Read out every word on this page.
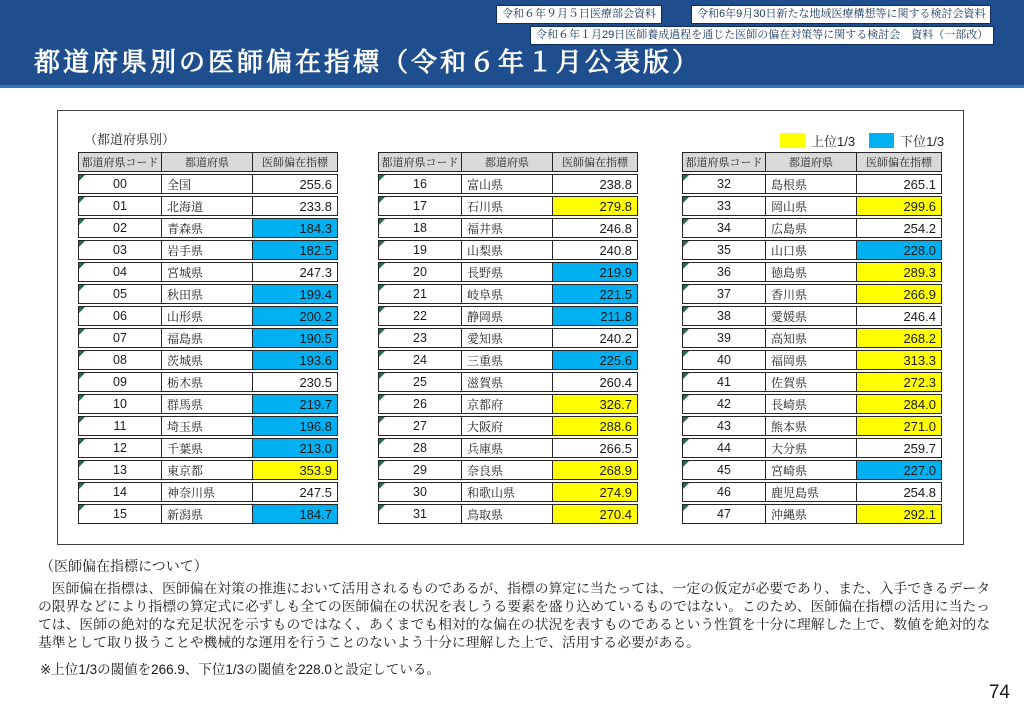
令和６年９月５日医療部会資料	令和6年9月30日新たな地域医療構想等に関する検討会資料
令和６年１月29日医師養成過程を通じた医師の偏在対策等に関する検討会　資料（一部改）
都道府県別の医師偏在指標（令和６年１月公表版）
（都道府県別）	上位1/3	下位1/3
都道府県コード	都道府県	医師偏在指標

00	全国	255.6

01	北海道	233.8

02	青森県	184.3

03	岩手県	182.5

04	宮城県	247.3

05	秋田県	199.4

06	山形県	200.2

07	福島県	190.5

08	茨城県	193.6

09	栃木県	230.5

10	群馬県	219.7

11	埼玉県	196.8

12	千葉県	213.0

13	東京都	353.9

14	神奈川県	247.5

15	新潟県	184.7
都道府県コード	都道府県	医師偏在指標

16	富山県	238.8

17	石川県	279.8

18	福井県	246.8

19	山梨県	240.8

20	長野県	219.9

21	岐阜県	221.5

22	静岡県	211.8

23	愛知県	240.2

24	三重県	225.6

25	滋賀県	260.4

26	京都府	326.7

27	大阪府	288.6

28	兵庫県	266.5

29	奈良県	268.9

30	和歌山県	274.9

31	鳥取県	270.4
都道府県コード	都道府県	医師偏在指標

32	島根県	265.1

33	岡山県	299.6

34	広島県	254.2

35	山口県	228.0

36	徳島県	289.3

37	香川県	266.9

38	愛媛県	246.4

39	高知県	268.2

40	福岡県	313.3

41	佐賀県	272.3

42	長崎県	284.0

43	熊本県	271.0

44	大分県	259.7

45	宮崎県	227.0

46	鹿児島県	254.8

47	沖縄県	292.1
（医師偏在指標について）
　医師偏在指標は、医師偏在対策の推進において活用されるものであるが、指標の算定に当たっては、一定の仮定が必要であり、また、入手できるデータの限界などにより指標の算定式に必ずしも全ての医師偏在の状況を表しうる要素を盛り込めているものではない。このため、医師偏在指標の活用に当たっては、医師の絶対的な充足状況を示すものではなく、あくまでも相対的な偏在の状況を表すものであるという性質を十分に理解した上で、数値を絶対的な基準として取り扱うことや機械的な運用を行うことのないよう十分に理解した上で、活用する必要がある。
※上位1/3の閾値を266.9、下位1/3の閾値を228.0と設定している。
74
